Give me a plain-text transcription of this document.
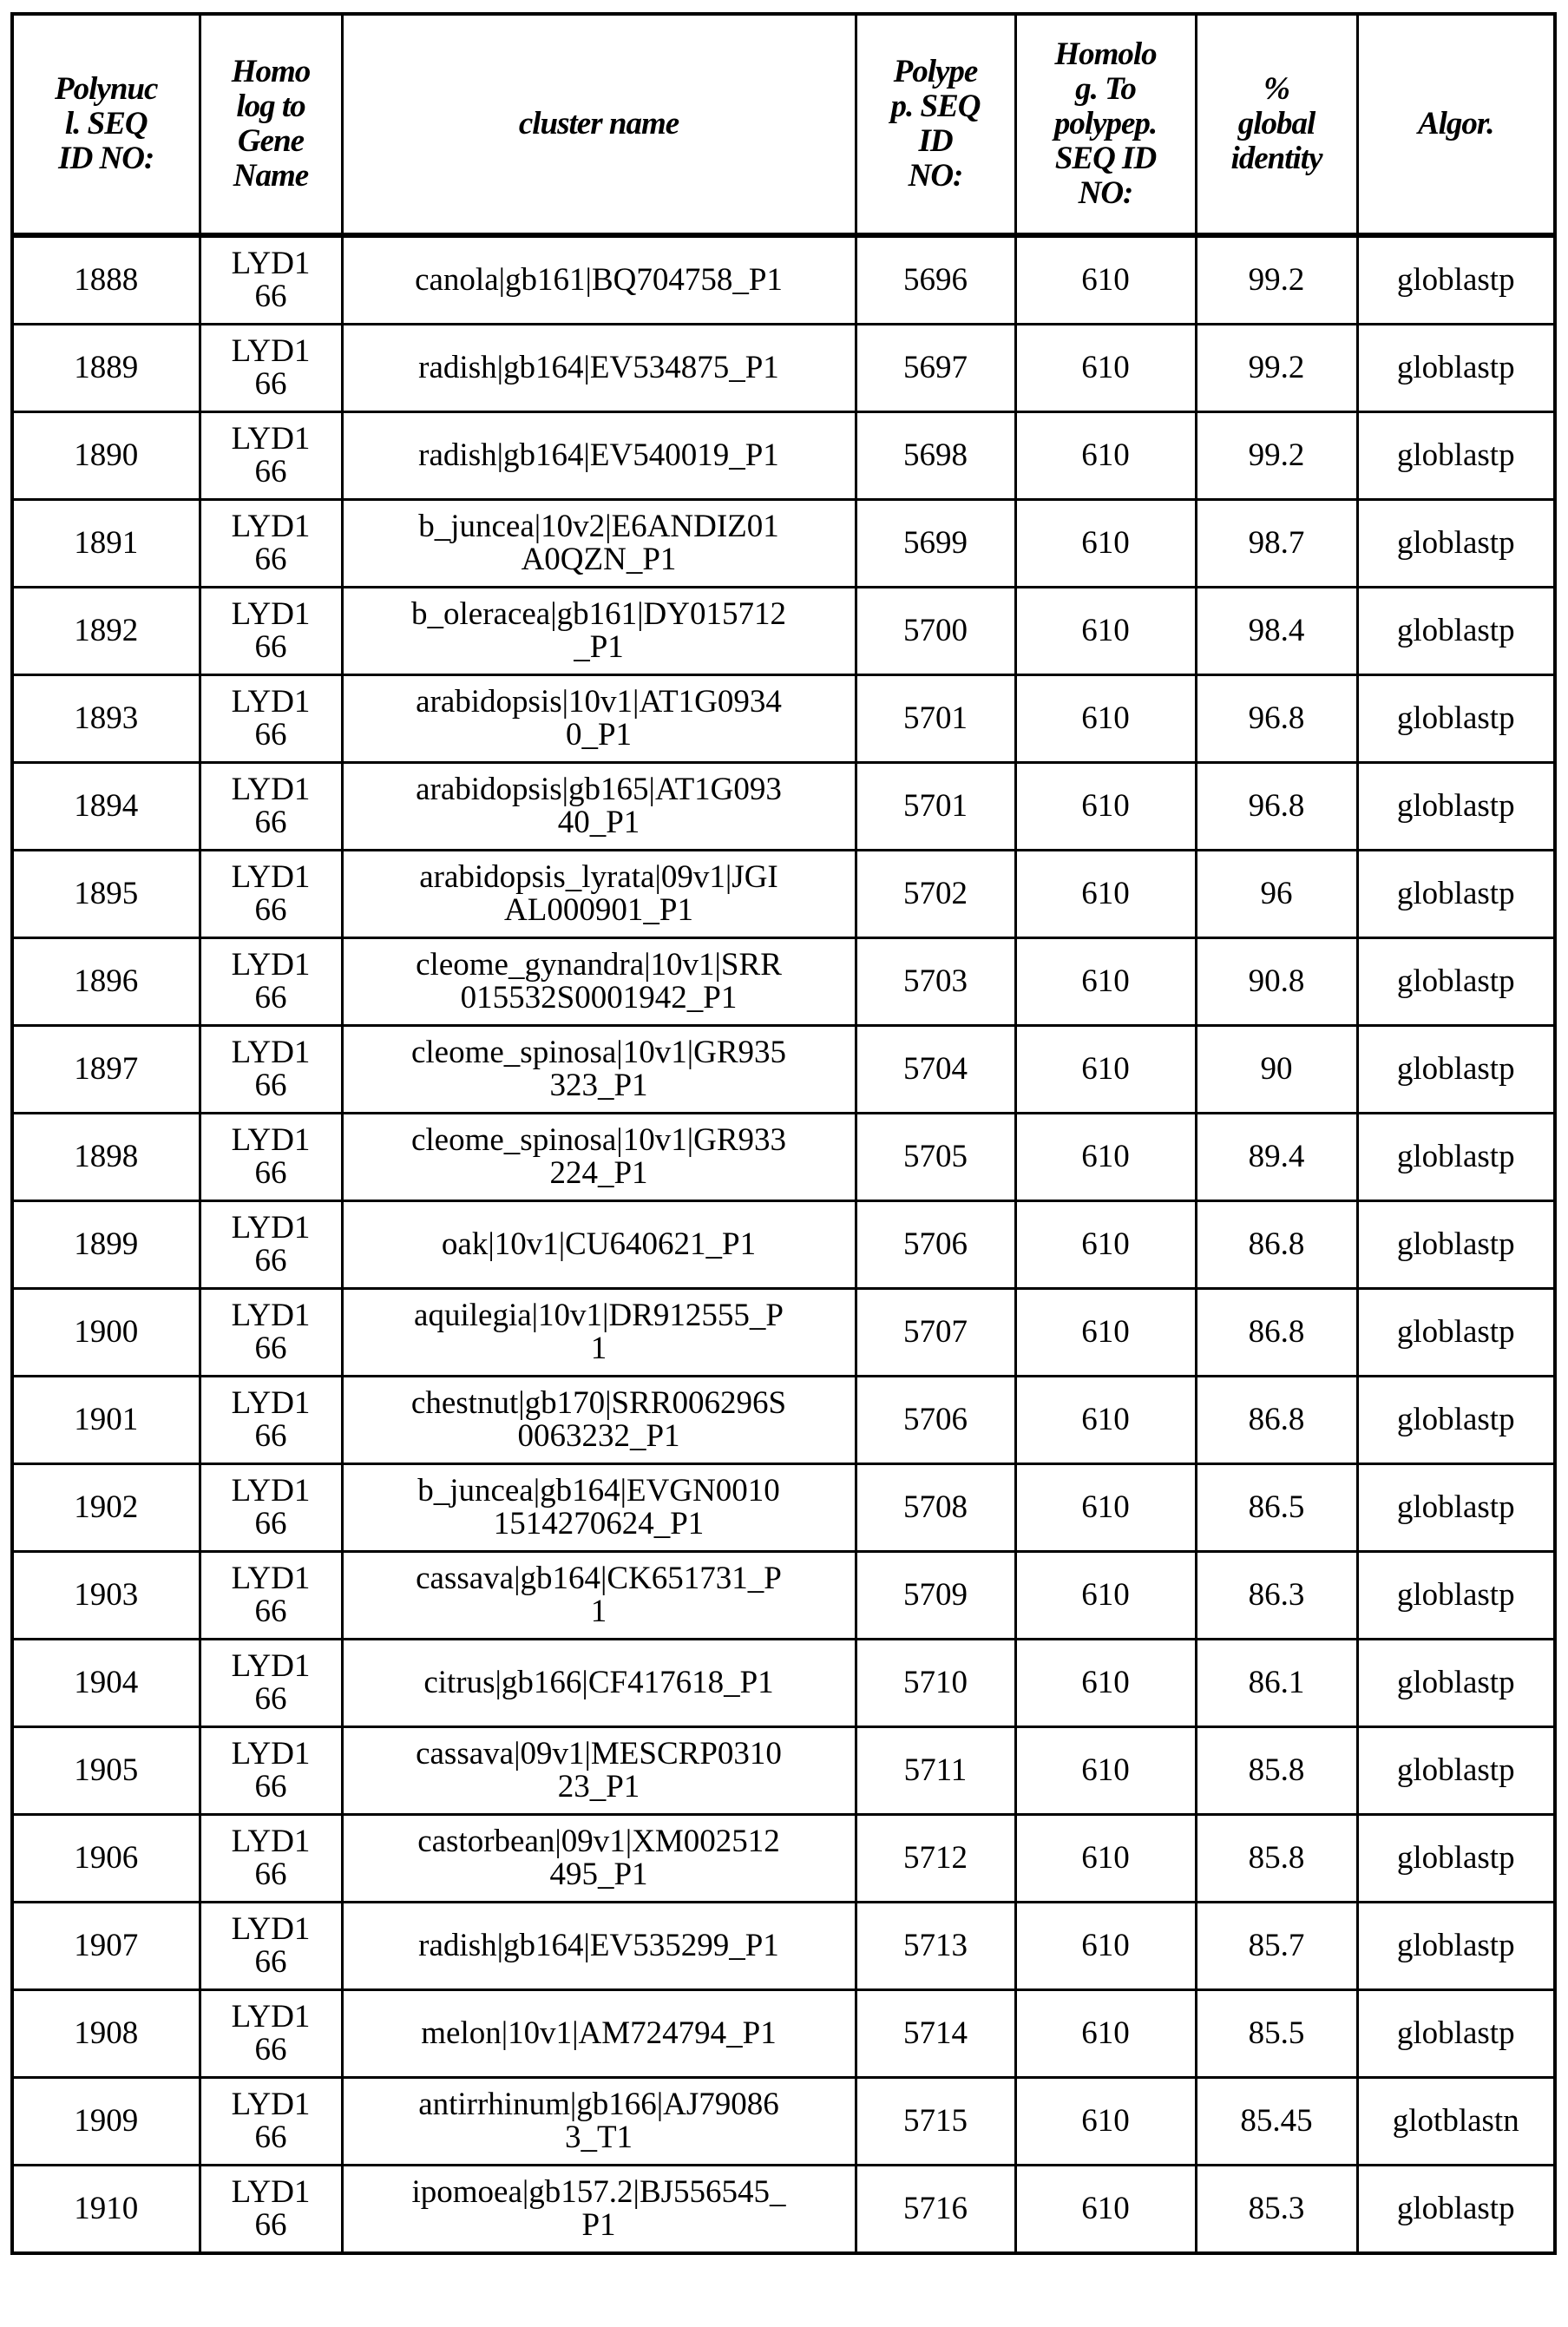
Polynuc
l. SEQ
ID NO:	Homo
log to
Gene
Name	cluster name	Polype
p. SEQ
ID
NO:	Homolo
g. To
polypep.
SEQ ID
NO:	%
global
identity	Algor.
1888	LYD1
66	canola|gb161|BQ704758_P1	5696	610	99.2	globlastp
1889	LYD1
66	radish|gb164|EV534875_P1	5697	610	99.2	globlastp
1890	LYD1
66	radish|gb164|EV540019_P1	5698	610	99.2	globlastp
1891	LYD1
66	b_juncea|10v2|E6ANDIZ01
A0QZN_P1	5699	610	98.7	globlastp
1892	LYD1
66	b_oleracea|gb161|DY015712
_P1	5700	610	98.4	globlastp
1893	LYD1
66	arabidopsis|10v1|AT1G0934
0_P1	5701	610	96.8	globlastp
1894	LYD1
66	arabidopsis|gb165|AT1G093
40_P1	5701	610	96.8	globlastp
1895	LYD1
66	arabidopsis_lyrata|09v1|JGI
AL000901_P1	5702	610	96	globlastp
1896	LYD1
66	cleome_gynandra|10v1|SRR
015532S0001942_P1	5703	610	90.8	globlastp
1897	LYD1
66	cleome_spinosa|10v1|GR935
323_P1	5704	610	90	globlastp
1898	LYD1
66	cleome_spinosa|10v1|GR933
224_P1	5705	610	89.4	globlastp
1899	LYD1
66	oak|10v1|CU640621_P1	5706	610	86.8	globlastp
1900	LYD1
66	aquilegia|10v1|DR912555_P
1	5707	610	86.8	globlastp
1901	LYD1
66	chestnut|gb170|SRR006296S
0063232_P1	5706	610	86.8	globlastp
1902	LYD1
66	b_juncea|gb164|EVGN0010
1514270624_P1	5708	610	86.5	globlastp
1903	LYD1
66	cassava|gb164|CK651731_P
1	5709	610	86.3	globlastp
1904	LYD1
66	citrus|gb166|CF417618_P1	5710	610	86.1	globlastp
1905	LYD1
66	cassava|09v1|MESCRP0310
23_P1	5711	610	85.8	globlastp
1906	LYD1
66	castorbean|09v1|XM002512
495_P1	5712	610	85.8	globlastp
1907	LYD1
66	radish|gb164|EV535299_P1	5713	610	85.7	globlastp
1908	LYD1
66	melon|10v1|AM724794_P1	5714	610	85.5	globlastp
1909	LYD1
66	antirrhinum|gb166|AJ79086
3_T1	5715	610	85.45	glotblastn
1910	LYD1
66	ipomoea|gb157.2|BJ556545_
P1	5716	610	85.3	globlastp
